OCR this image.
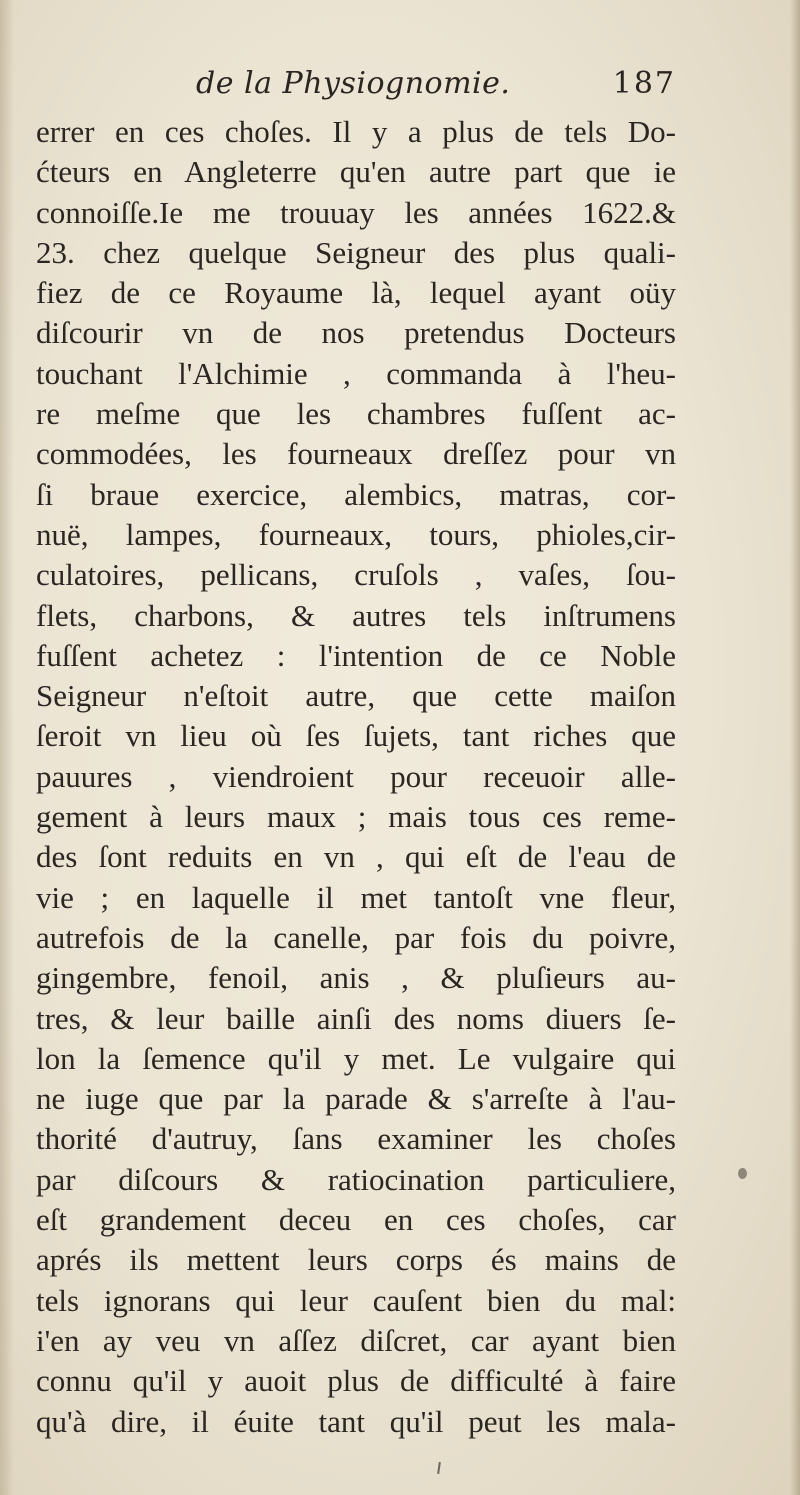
de la Physiognomie.	187
errer en ces choſes. Il y a plus de tels Do-
ćteurs en Angleterre qu'en autre part que ie
connoiſſe.Ie me trouuay les années 1622.&
23. chez quelque Seigneur des plus quali-
fiez de ce Royaume là, lequel ayant oüy
diſcourir vn de nos pretendus Docteurs
touchant l'Alchimie , commanda à l'heu-
re meſme que les chambres fuſſent ac-
commodées, les fourneaux dreſſez pour vn
ſi braue exercice, alembics, matras, cor-
nuë, lampes, fourneaux, tours, phioles,cir-
culatoires, pellicans, cruſols , vaſes, ſou-
flets, charbons, & autres tels inſtrumens
fuſſent achetez : l'intention de ce Noble
Seigneur n'eſtoit autre, que cette maiſon
ſeroit vn lieu où ſes ſujets, tant riches que
pauures , viendroient pour receuoir alle-
gement à leurs maux ; mais tous ces reme-
des ſont reduits en vn , qui eſt de l'eau de
vie ; en laquelle il met tantoſt vne fleur,
autrefois de la canelle, par fois du poivre,
gingembre, fenoil, anis , & pluſieurs au-
tres, & leur baille ainſi des noms diuers ſe-
lon la ſemence qu'il y met. Le vulgaire qui
ne iuge que par la parade & s'arreſte à l'au-
thorité d'autruy, ſans examiner les choſes
par diſcours & ratiocination particuliere,
eſt grandement deceu en ces choſes, car
aprés ils mettent leurs corps és mains de
tels ignorans qui leur cauſent bien du mal:
i'en ay veu vn aſſez diſcret, car ayant bien
connu qu'il y auoit plus de difficulté à faire
qu'à dire, il éuite tant qu'il peut les mala-
